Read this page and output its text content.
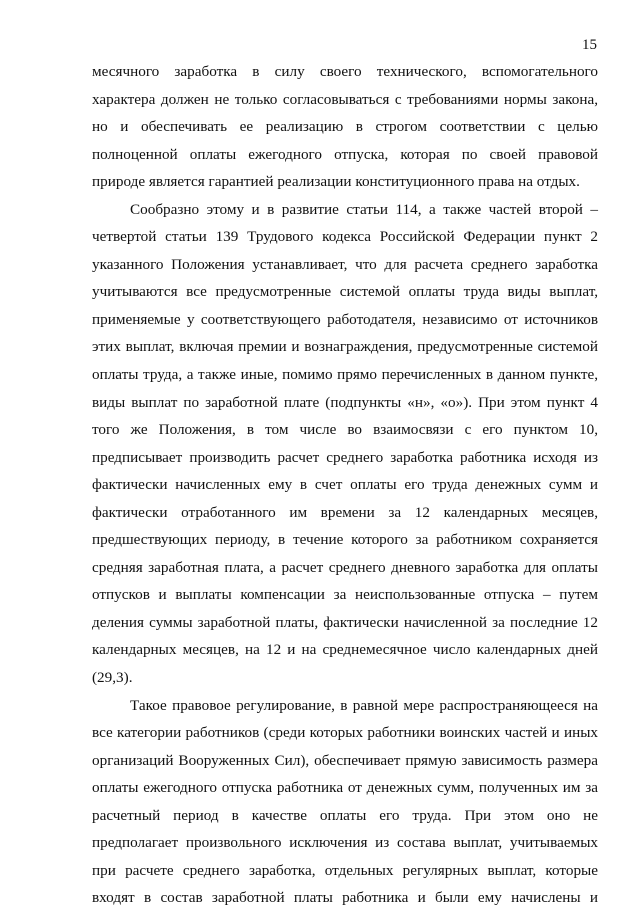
15
месячного заработка в силу своего технического, вспомогательного
характера должен не только согласовываться с требованиями нормы закона,
но и обеспечивать ее реализацию в строгом соответствии с целью
полноценной оплаты ежегодного отпуска, которая по своей правовой
природе является гарантией реализации конституционного права на отдых.
Сообразно этому и в развитие статьи 114, а также частей второй –
четвертой статьи 139 Трудового кодекса Российской Федерации пункт 2
указанного Положения устанавливает, что для расчета среднего заработка
учитываются все предусмотренные системой оплаты труда виды выплат,
применяемые у соответствующего работодателя, независимо от источников
этих выплат, включая премии и вознаграждения, предусмотренные системой
оплаты труда, а также иные, помимо прямо перечисленных в данном пункте,
виды выплат по заработной плате (подпункты «н», «о»). При этом пункт 4
того же Положения, в том числе во взаимосвязи с его пунктом 10,
предписывает производить расчет среднего заработка работника исходя из
фактически начисленных ему в счет оплаты его труда денежных сумм и
фактически отработанного им времени за 12 календарных месяцев,
предшествующих периоду, в течение которого за работником сохраняется
средняя заработная плата, а расчет среднего дневного заработка для оплаты
отпусков и выплаты компенсации за неиспользованные отпуска – путем
деления суммы заработной платы, фактически начисленной за последние 12
календарных месяцев, на 12 и на среднемесячное число календарных дней
(29,3).
Такое правовое регулирование, в равной мере распространяющееся на
все категории работников (среди которых работники воинских частей и иных
организаций Вооруженных Сил), обеспечивает прямую зависимость размера
оплаты ежегодного отпуска работника от денежных сумм, полученных им за
расчетный период в качестве оплаты его труда. При этом оно не
предполагает произвольного исключения из состава выплат, учитываемых
при расчете среднего заработка, отдельных регулярных выплат, которые
входят в состав заработной платы работника и были ему начислены и
